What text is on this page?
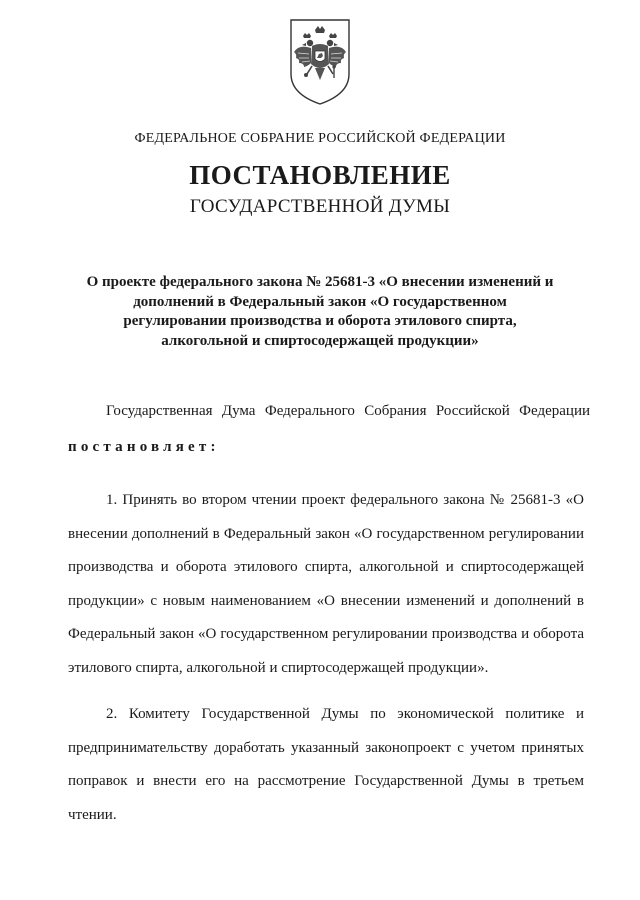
ФЕДЕРАЛЬНОЕ СОБРАНИЕ РОССИЙСКОЙ ФЕДЕРАЦИИ
ПОСТАНОВЛЕНИЕ
ГОСУДАРСТВЕННОЙ ДУМЫ
О проекте федерального закона № 25681-3 «О внесении изменений и дополнений в Федеральный закон «О государственном регулировании производства и оборота этилового спирта, алкогольной и спиртосодержащей продукции»
Государственная Дума Федерального Собрания Российской Федерации
постановляет:
1. Принять во втором чтении проект федерального закона № 25681-3 «О внесении дополнений в Федеральный закон «О государственном регулировании производства и оборота этилового спирта, алкогольной и спиртосодержащей продукции» с новым наименованием «О внесении изменений и дополнений в Федеральный закон «О государственном регулировании производства и оборота этилового спирта, алкогольной и спиртосодержащей продукции».
2. Комитету Государственной Думы по экономической политике и предпринимательству доработать указанный законопроект с учетом принятых поправок и внести его на рассмотрение Государственной Думы в третьем чтении.
